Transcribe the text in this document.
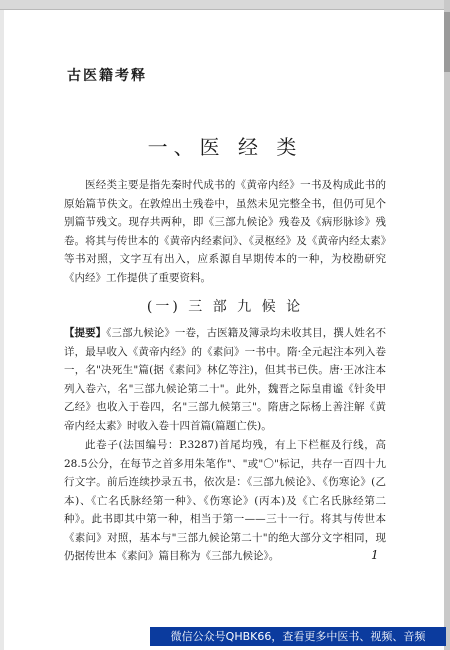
古医籍考释
一、医 经 类

医经类主要是指先秦时代成书的《黄帝内经》一书及构成此书的原始篇节佚文。在敦煌出土残卷中，虽然未见完整全书，但仍可见个别篇节残文。现存共两种，即《三部九候论》残卷及《病形脉诊》残卷。将其与传世本的《黄帝内经素问》、《灵枢经》及《黄帝内经太素》等书对照，文字互有出入，应系源自早期传本的一种，为校勘研究《内经》工作提供了重要资料。

(一) 三 部 九 候 论

【提要】《三部九候论》一卷，古医籍及簿录均未收其目，撰人姓名不详，最早收入《黄帝内经》的《素问》一书中。隋·全元起注本列入卷一，名"决死生"篇(据《素问》林亿等注)，但其书已佚。唐·王冰注本列入卷六，名"三部九候论第二十"。此外，魏晋之际皇甫谧《针灸甲乙经》也收入于卷四，名"三部九候第三"。隋唐之际杨上善注解《黄帝内经太素》时收入卷十四首篇(篇题亡佚)。

此卷子(法国编号：P.3287)首尾均残，有上下栏框及行线，高28.5公分，在每节之首多用朱笔作"、"或"〇"标记，共存一百四十九行文字。前后连续抄录五书，依次是：《三部九候论》、《伤寒论》(乙本)、《亡名氏脉经第一种》、《伤寒论》(丙本)及《亡名氏脉经第二种》。此书即其中第一种，相当于第一——三十一行。将其与传世本《素问》对照，基本与"三部九候论第二十"的绝大部分文字相同，现仍据传世本《素问》篇目称为《三部九候论》。	1
微信公众号QHBK66，查看更多中医书、视频、音频
